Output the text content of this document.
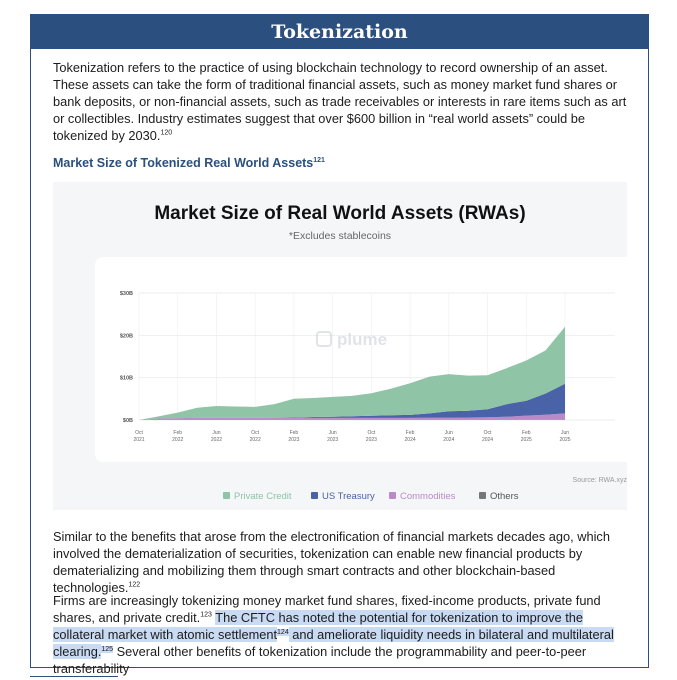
Tokenization

Tokenization refers to the practice of using blockchain technology to record ownership of an asset. These assets can take the form of traditional financial assets, such as money market fund shares or bank deposits, or non-financial assets, such as trade receivables or interests in rare items such as art or collectibles. Industry estimates suggest that over $600 billion in “real world assets” could be tokenized by 2030.$^{120}$

Market Size of Tokenized Real World Assets$^{121}$
Market Size of Real World Assets (RWAs)
*Excludes stablecoins
$0B
$10B
$20B
$30B
Oct
2021
Feb
2022
Jun
2022
Oct
2022
Feb
2023
Jun
2023
Oct
2023
Feb
2024
Jun
2024
Oct
2024
Feb
2025
Jun
2025
plume
Private Credit	US Treasury	Commodities	Others
Source: RWA.xyz

Similar to the benefits that arose from the electronification of financial markets decades ago, which involved the dematerialization of securities, tokenization can enable new financial products by dematerializing and mobilizing them through smart contracts and other blockchain-based technologies.$^{122}$

Firms are increasingly tokenizing money market fund shares, fixed-income products, private fund shares, and private credit.$^{123}$ The CFTC has noted the potential for tokenization to improve the collateral market with atomic settlement$^{124}$ and ameliorate liquidity needs in bilateral and multilateral clearing.$^{125}$ Several other benefits of tokenization include the programmability and peer-to-peer transferability
